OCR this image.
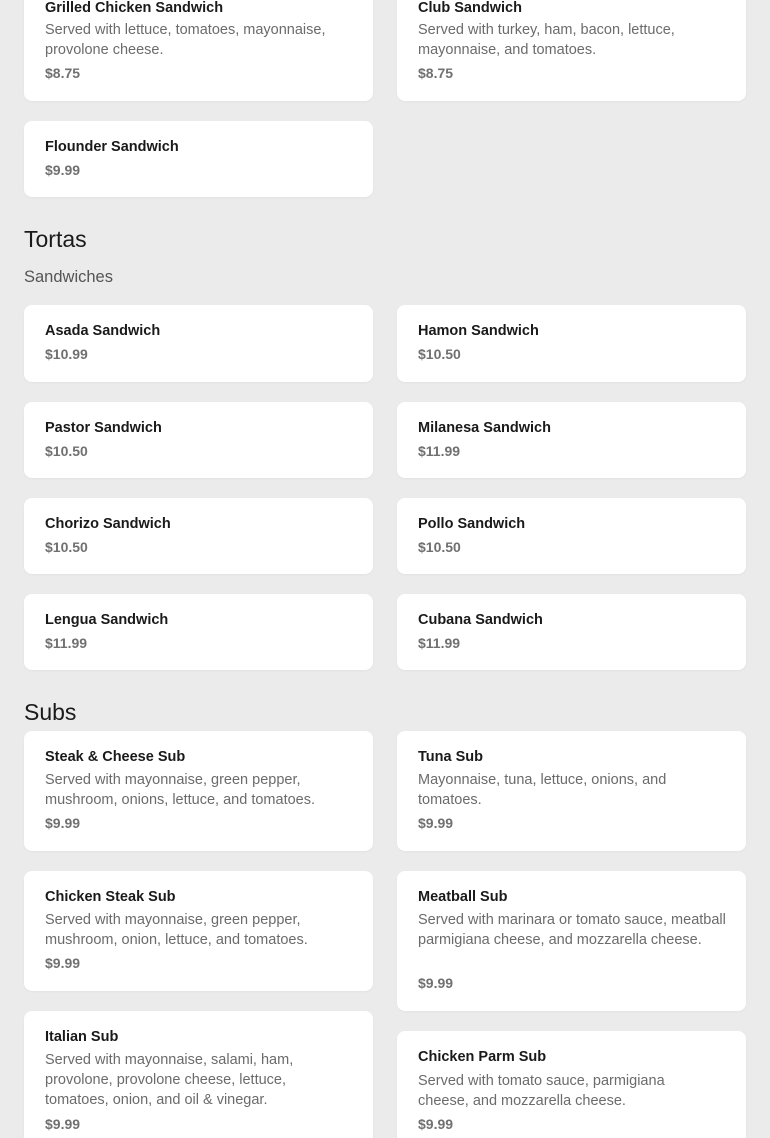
Grilled Chicken Sandwich
Served with lettuce, tomatoes, mayonnaise, provolone cheese.
$8.75
Club Sandwich
Served with turkey, ham, bacon, lettuce, mayonnaise, and tomatoes.
$8.75
Flounder Sandwich
$9.99
Tortas
Sandwiches
Asada Sandwich
$10.99
Hamon Sandwich
$10.50
Pastor Sandwich
$10.50
Milanesa Sandwich
$11.99
Chorizo Sandwich
$10.50
Pollo Sandwich
$10.50
Lengua Sandwich
$11.99
Cubana Sandwich
$11.99
Subs
Steak & Cheese Sub
Served with mayonnaise, green pepper, mushroom, onions, lettuce, and tomatoes.
$9.99
Tuna Sub
Mayonnaise, tuna, lettuce, onions, and tomatoes.
$9.99
Chicken Steak Sub
Served with mayonnaise, green pepper, mushroom, onion, lettuce, and tomatoes.
$9.99
Meatball Sub
Served with marinara or tomato sauce, meatball parmigiana cheese, and mozzarella cheese.
$9.99
Italian Sub
Served with mayonnaise, salami, ham, provolone, provolone cheese, lettuce, tomatoes, onion, and oil & vinegar.
$9.99
Chicken Parm Sub
Served with tomato sauce, parmigiana cheese, and mozzarella cheese.
$9.99
